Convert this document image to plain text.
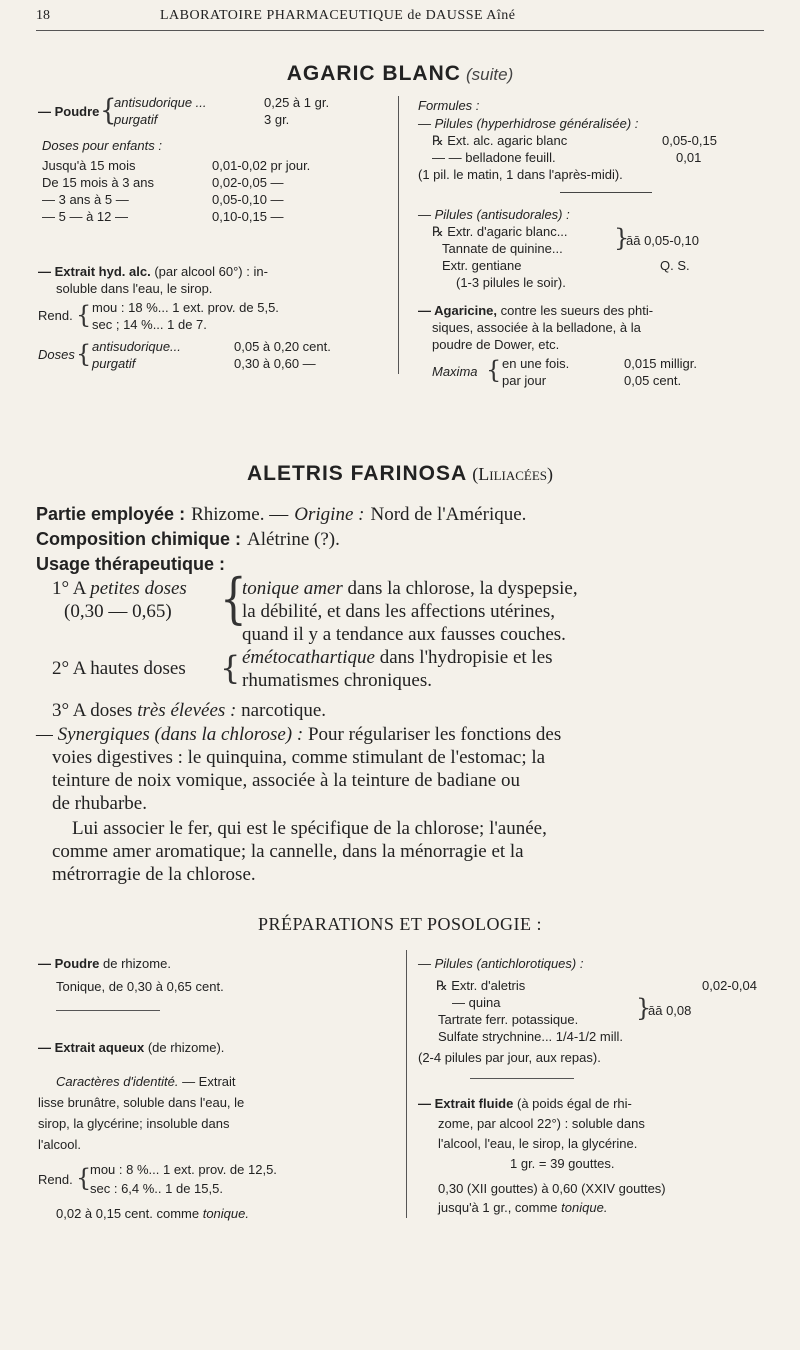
18	LABORATOIRE PHARMACEUTIQUE de DAUSSE Aîné
AGARIC BLANC (suite)
— Poudre {
antisudorique ...	0,25 à 1 gr.
purgatif	3 gr.
Doses pour enfants :
Jusqu'à 15 mois	0,01-0,02 pr jour.
De 15 mois à 3 ans	0,02-0,05 —
— 3 ans à 5 —	0,05-0,10 —
— 5 — à 12 —	0,10-0,15 —
— Extrait hyd. alc. (par alcool 60°) : in-
soluble dans l'eau, le sirop.
Rend. { mou : 18 %... 1 ext. prov. de 5,5.
sec ; 14 %... 1 de 7.
Doses { antisudorique...	0,05 à 0,20 cent.
purgatif	0,30 à 0,60 —
Formules :
— Pilules (hyperhidrose généralisée) :
℞ Ext. alc. agaric blanc	0,05-0,15
— — belladone feuill.	0,01
(1 pil. le matin, 1 dans l'après-midi).
— Pilules (antisudorales) :
℞ Extr. d'agaric blanc...
Tannate de quinine... }
āā 0,05-0,10
Extr. gentiane	Q. S.
(1-3 pilules le soir).
— Agaricine, contre les sueurs des phti-
siques, associée à la belladone, à la
poudre de Dower, etc.
Maxima { en une fois.	0,015 milligr.
par jour	0,05 cent.
ALETRIS FARINOSA (Liliacées)
Partie employée : Rhizome. — Origine : Nord de l'Amérique.
Composition chimique : Alétrine (?).
Usage thérapeutique :
1° A petites doses
(0,30 — 0,65) {
tonique amer dans la chlorose, la dyspepsie,
la débilité, et dans les affections utérines,
quand il y a tendance aux fausses couches.
2° A hautes doses { émétocathartique dans l'hydropisie et les
rhumatismes chroniques.
3° A doses très élevées : narcotique.
— Synergiques (dans la chlorose) : Pour régulariser les fonctions des
voies digestives : le quinquina, comme stimulant de l'estomac; la
teinture de noix vomique, associée à la teinture de badiane ou
de rhubarbe.
Lui associer le fer, qui est le spécifique de la chlorose; l'aunée,
comme amer aromatique; la cannelle, dans la ménorragie et la
métrorragie de la chlorose.
PRÉPARATIONS ET POSOLOGIE :
— Poudre de rhizome.
Tonique, de 0,30 à 0,65 cent.
— Extrait aqueux (de rhizome).
Caractères d'identité. — Extrait
lisse brunâtre, soluble dans l'eau, le
sirop, la glycérine; insoluble dans
l'alcool.
Rend. {
mou : 8 %... 1 ext. prov. de 12,5.
sec : 6,4 %.. 1 de 15,5.
0,02 à 0,15 cent. comme tonique.
— Pilules (antichlorotiques) :
℞ Extr. d'aletris	0,02-0,04
— quina
Tartrate ferr. potassique. }
āā 0,08
Sulfate strychnine... 1/4-1/2 mill.
(2-4 pilules par jour, aux repas).
— Extrait fluide (à poids égal de rhi-
zome, par alcool 22°) : soluble dans
l'alcool, l'eau, le sirop, la glycérine.
1 gr. = 39 gouttes.
0,30 (XII gouttes) à 0,60 (XXIV gouttes)
jusqu'à 1 gr., comme tonique.
